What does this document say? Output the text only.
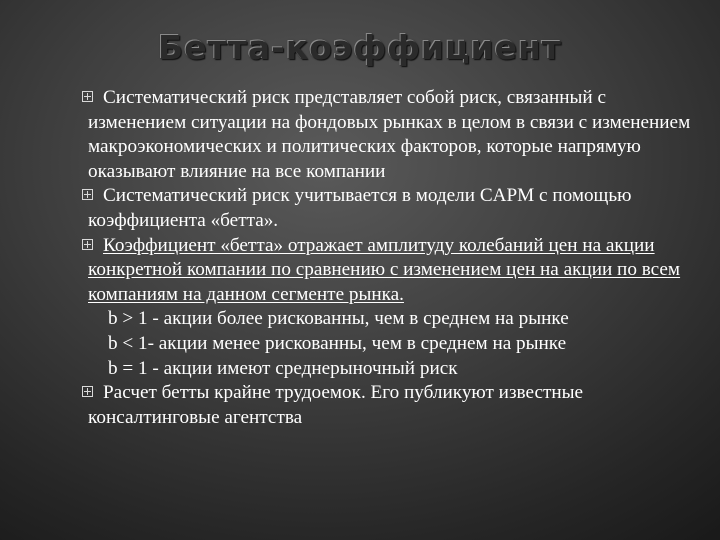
Бетта-коэффициент

Систематический риск представляет собой риск, связанный с изменением ситуации на фондовых рынках в целом в связи с изменением макроэкономических и политических факторов, которые напрямую оказывают влияние на все компании

Систематический риск учитывается в модели CAPM с помощью коэффициента «бетта».

Коэффициент «бетта» отражает амплитуду колебаний цен на акции конкретной компании по сравнению с изменением цен на акции по всем компаниям на данном сегменте рынка.

b > 1 - акции более рискованны, чем в среднем на рынке

b < 1- акции менее рискованны, чем в среднем на рынке

b = 1 - акции имеют среднерыночный риск

Расчет бетты крайне трудоемок. Его публикуют известные консалтинговые агентства
